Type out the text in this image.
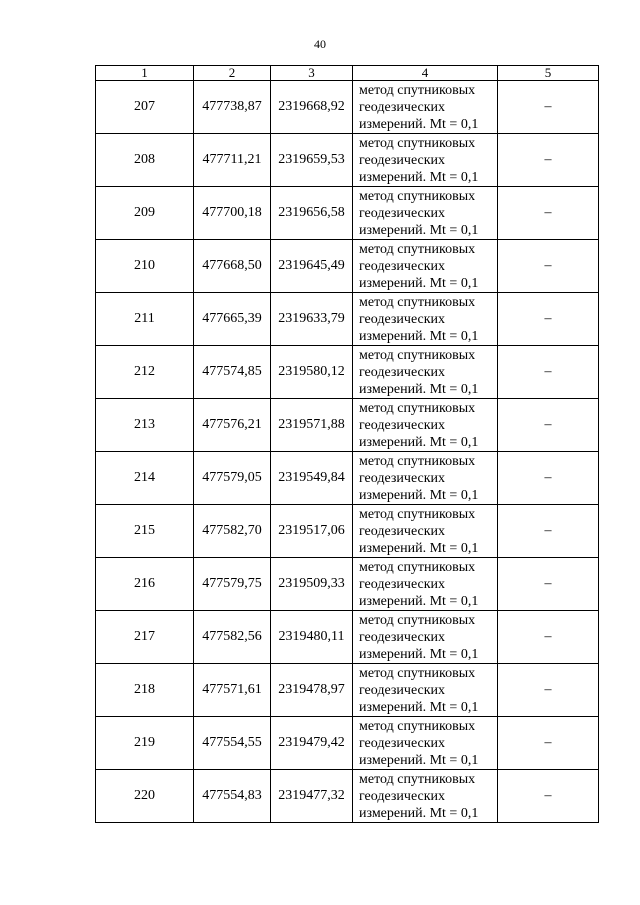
40
1	2	3	4	5
207	477738,87	2319668,92	метод спутниковых
геодезических
измерений. Mt = 0,1	–
208	477711,21	2319659,53	метод спутниковых
геодезических
измерений. Mt = 0,1	–
209	477700,18	2319656,58	метод спутниковых
геодезических
измерений. Mt = 0,1	–
210	477668,50	2319645,49	метод спутниковых
геодезических
измерений. Mt = 0,1	–
211	477665,39	2319633,79	метод спутниковых
геодезических
измерений. Mt = 0,1	–
212	477574,85	2319580,12	метод спутниковых
геодезических
измерений. Mt = 0,1	–
213	477576,21	2319571,88	метод спутниковых
геодезических
измерений. Mt = 0,1	–
214	477579,05	2319549,84	метод спутниковых
геодезических
измерений. Mt = 0,1	–
215	477582,70	2319517,06	метод спутниковых
геодезических
измерений. Mt = 0,1	–
216	477579,75	2319509,33	метод спутниковых
геодезических
измерений. Mt = 0,1	–
217	477582,56	2319480,11	метод спутниковых
геодезических
измерений. Mt = 0,1	–
218	477571,61	2319478,97	метод спутниковых
геодезических
измерений. Mt = 0,1	–
219	477554,55	2319479,42	метод спутниковых
геодезических
измерений. Mt = 0,1	–
220	477554,83	2319477,32	метод спутниковых
геодезических
измерений. Mt = 0,1	–
